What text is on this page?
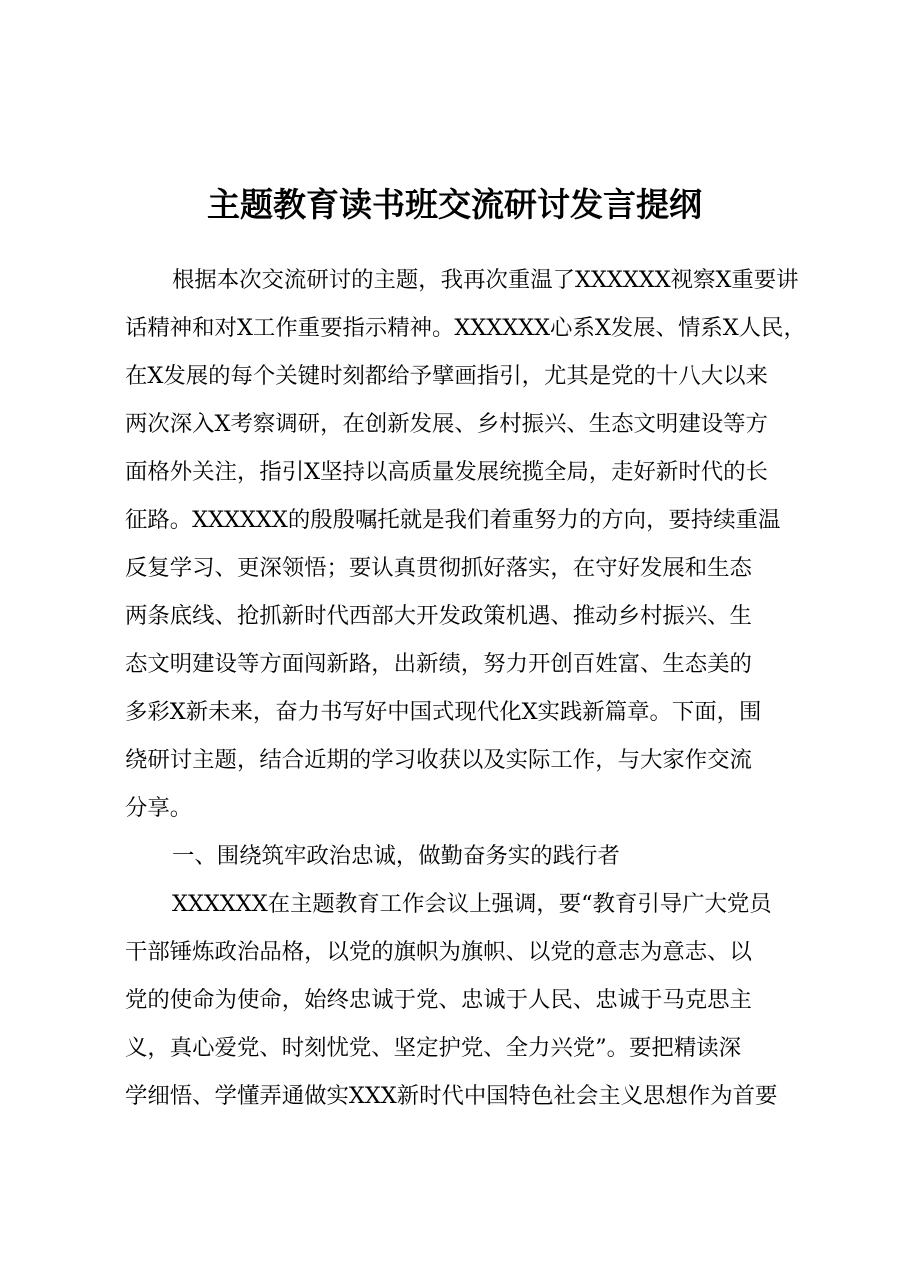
主题教育读书班交流研讨发言提纲
根据本次交流研讨的主题，我再次重温了XXXXXX视察X重要讲
话精神和对X工作重要指示精神。XXXXXX心系X发展、情系X人民，
在X发展的每个关键时刻都给予擘画指引，尤其是党的十八大以来
两次深入X考察调研，在创新发展、乡村振兴、生态文明建设等方
面格外关注，指引X坚持以高质量发展统揽全局，走好新时代的长
征路。XXXXXX的殷殷嘱托就是我们着重努力的方向，要持续重温
反复学习、更深领悟；要认真贯彻抓好落实，在守好发展和生态
两条底线、抢抓新时代西部大开发政策机遇、推动乡村振兴、生
态文明建设等方面闯新路，出新绩，努力开创百姓富、生态美的
多彩X新未来，奋力书写好中国式现代化X实践新篇章。下面，围
绕研讨主题，结合近期的学习收获以及实际工作，与大家作交流
分享。
一、围绕筑牢政治忠诚，做勤奋务实的践行者
XXXXXX在主题教育工作会议上强调，要“教育引导广大党员
干部锤炼政治品格，以党的旗帜为旗帜、以党的意志为意志、以
党的使命为使命，始终忠诚于党、忠诚于人民、忠诚于马克思主
义，真心爱党、时刻忧党、坚定护党、全力兴党”。要把精读深
学细悟、学懂弄通做实XXX新时代中国特色社会主义思想作为首要
